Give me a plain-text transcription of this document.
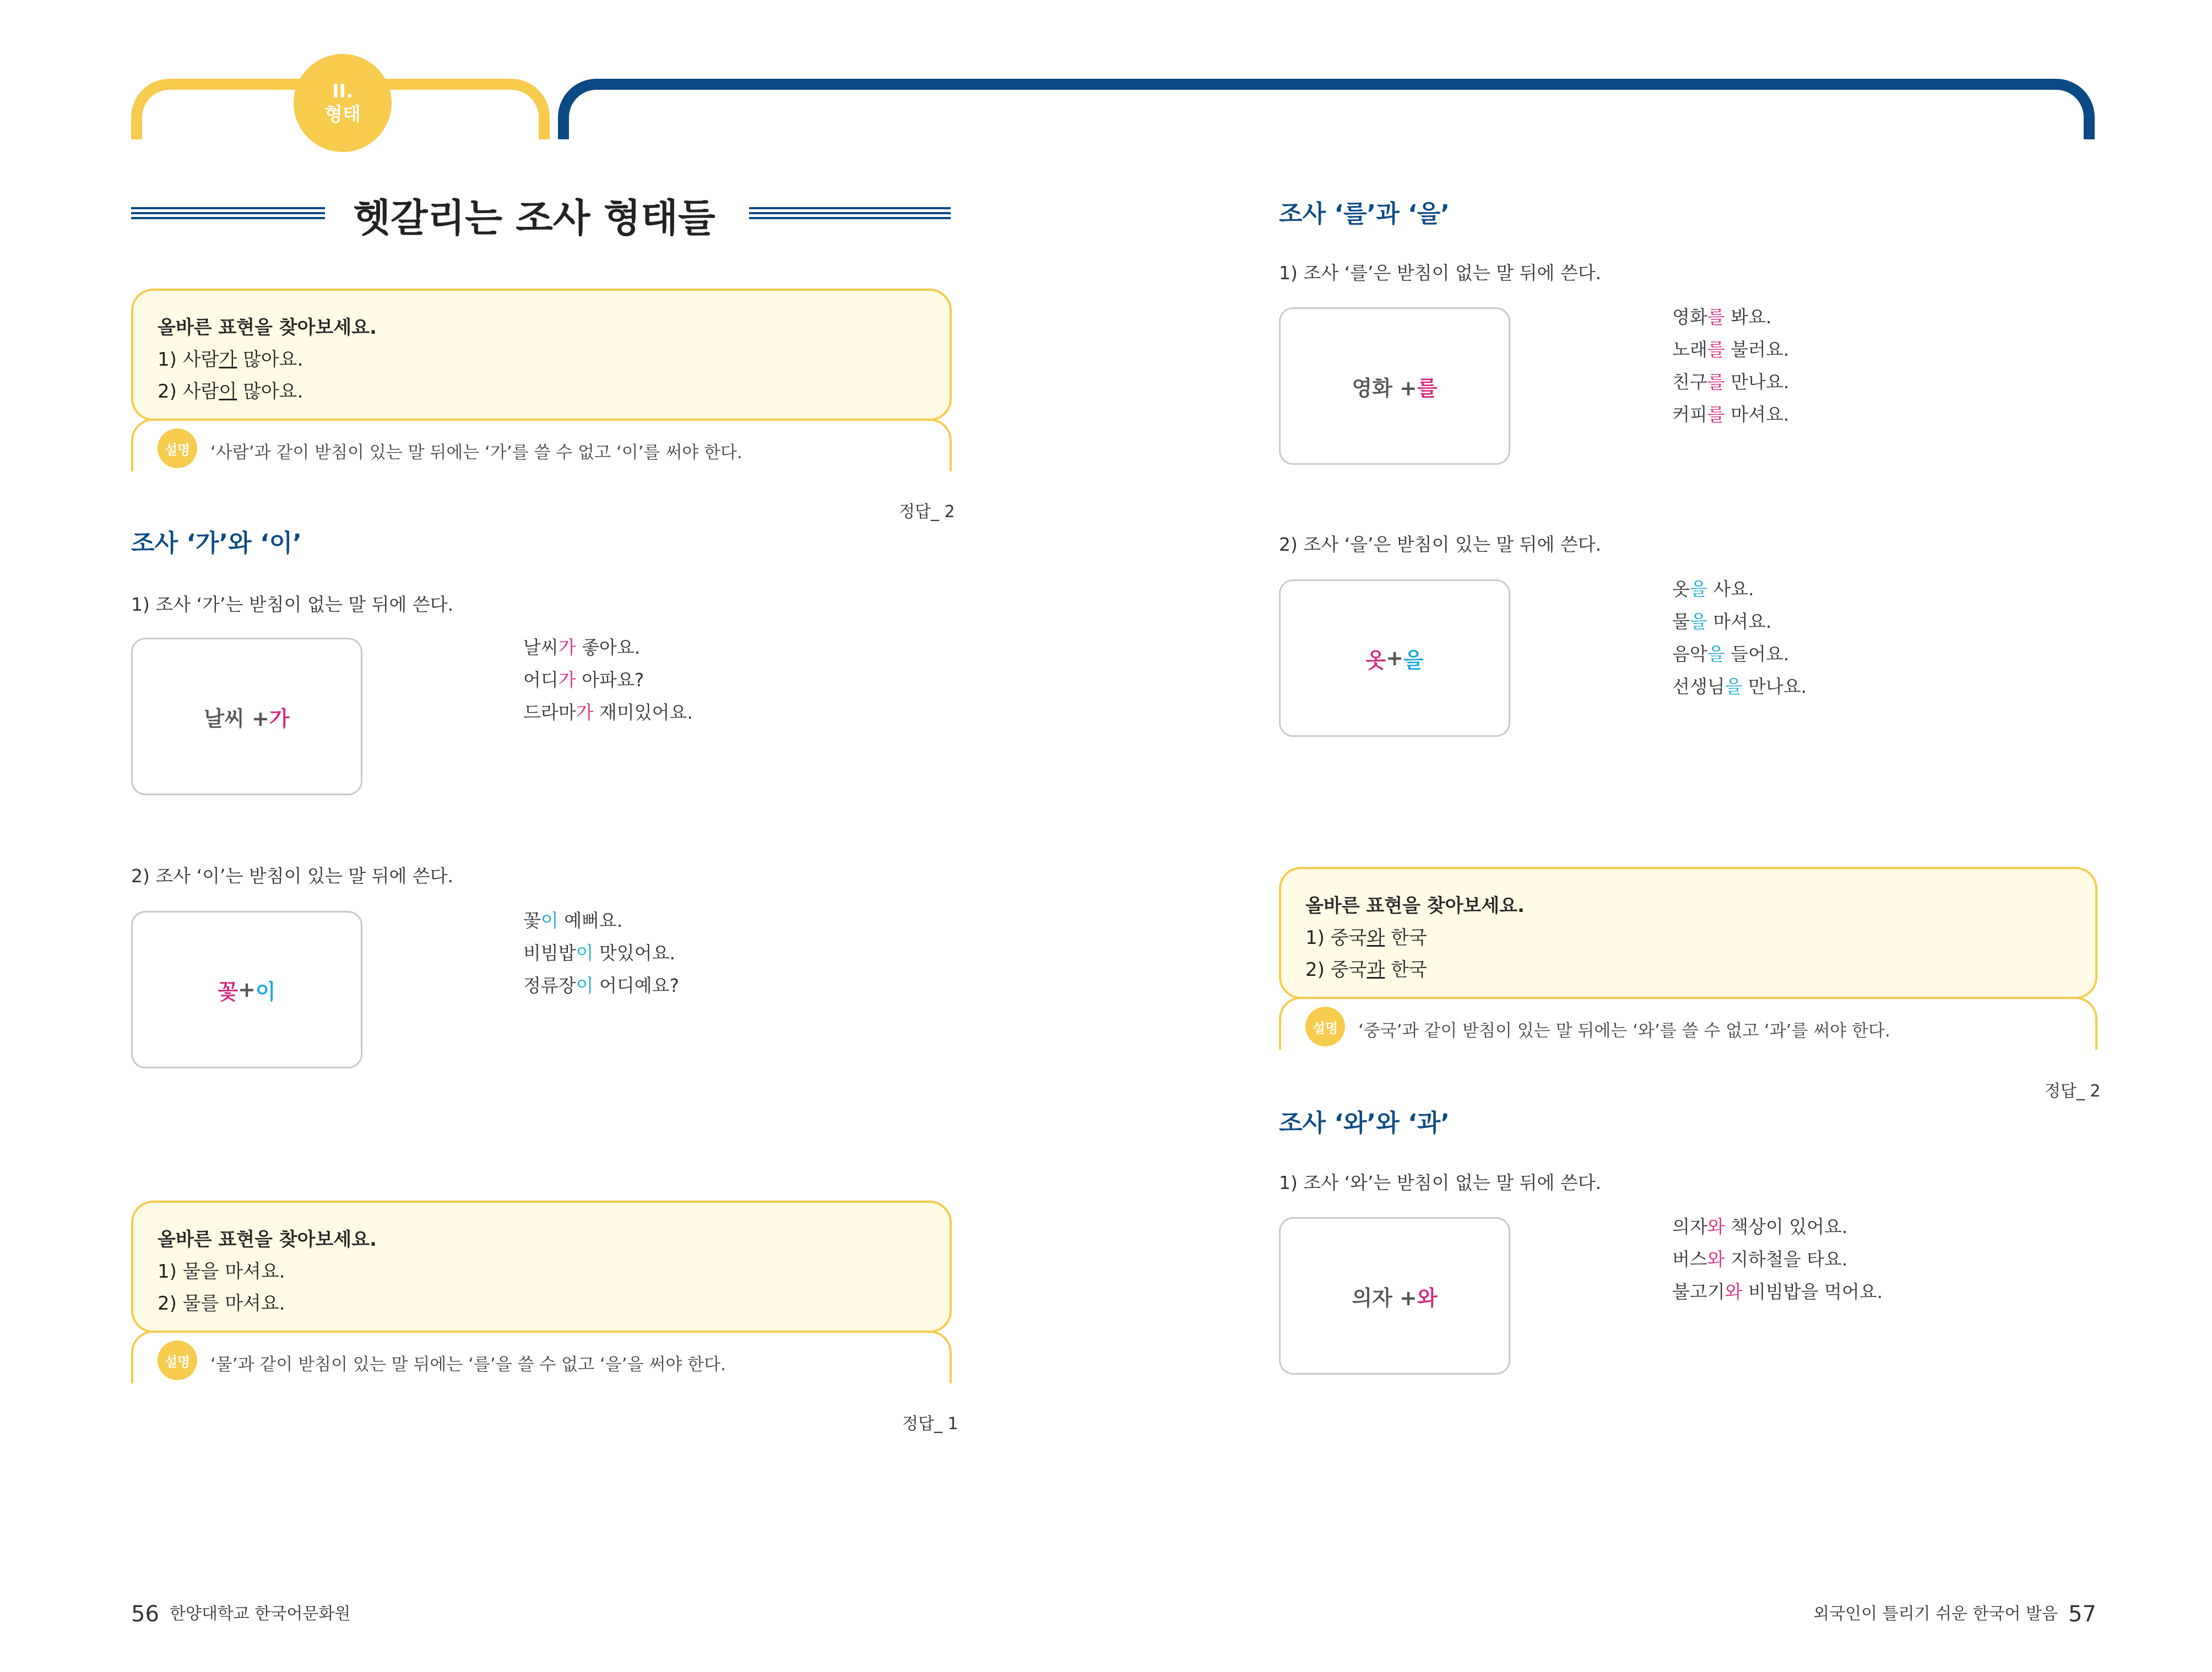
II.
형태
헷갈리는 조사 형태들
올바른 표현을 찾아보세요.
1) 사람가 많아요.
2) 사람이 많아요.
설명	‘사람’과 같이 받침이 있는 말 뒤에는 ‘가’를 쓸 수 없고 ‘이’를 써야 한다.
정답_ 2
조사 ‘가’와 ‘이’
1) 조사 ‘가’는 받침이 없는 말 뒤에 쓴다.
날씨 + 가
날씨가 좋아요.
어디가 아파요?
드라마가 재미있어요.
2) 조사 ‘이’는 받침이 있는 말 뒤에 쓴다.
꽃 + 이
꽃이 예뻐요.
비빔밥이 맛있어요.
정류장이 어디예요?
올바른 표현을 찾아보세요.
1) 물을 마셔요.
2) 물를 마셔요.
설명	‘물’과 같이 받침이 있는 말 뒤에는 ‘를’을 쓸 수 없고 ‘을’을 써야 한다.
정답_ 1
조사 ‘를’과 ‘을’
1) 조사 ‘를’은 받침이 없는 말 뒤에 쓴다.
영화 + 를
영화를 봐요.
노래를 불러요.
친구를 만나요.
커피를 마셔요.
2) 조사 ‘을’은 받침이 있는 말 뒤에 쓴다.
옷 + 을
옷을 사요.
물을 마셔요.
음악을 들어요.
선생님을 만나요.
올바른 표현을 찾아보세요.
1) 중국와 한국
2) 중국과 한국
설명	‘중국’과 같이 받침이 있는 말 뒤에는 ‘와’를 쓸 수 없고 ‘과’를 써야 한다.
정답_ 2
조사 ‘와’와 ‘과’
1) 조사 ‘와’는 받침이 없는 말 뒤에 쓴다.
의자 + 와
의자와 책상이 있어요.
버스와 지하철을 타요.
불고기와 비빔밥을 먹어요.
56 한양대학교 한국어문화원	외국인이 틀리기 쉬운 한국어 발음 57
